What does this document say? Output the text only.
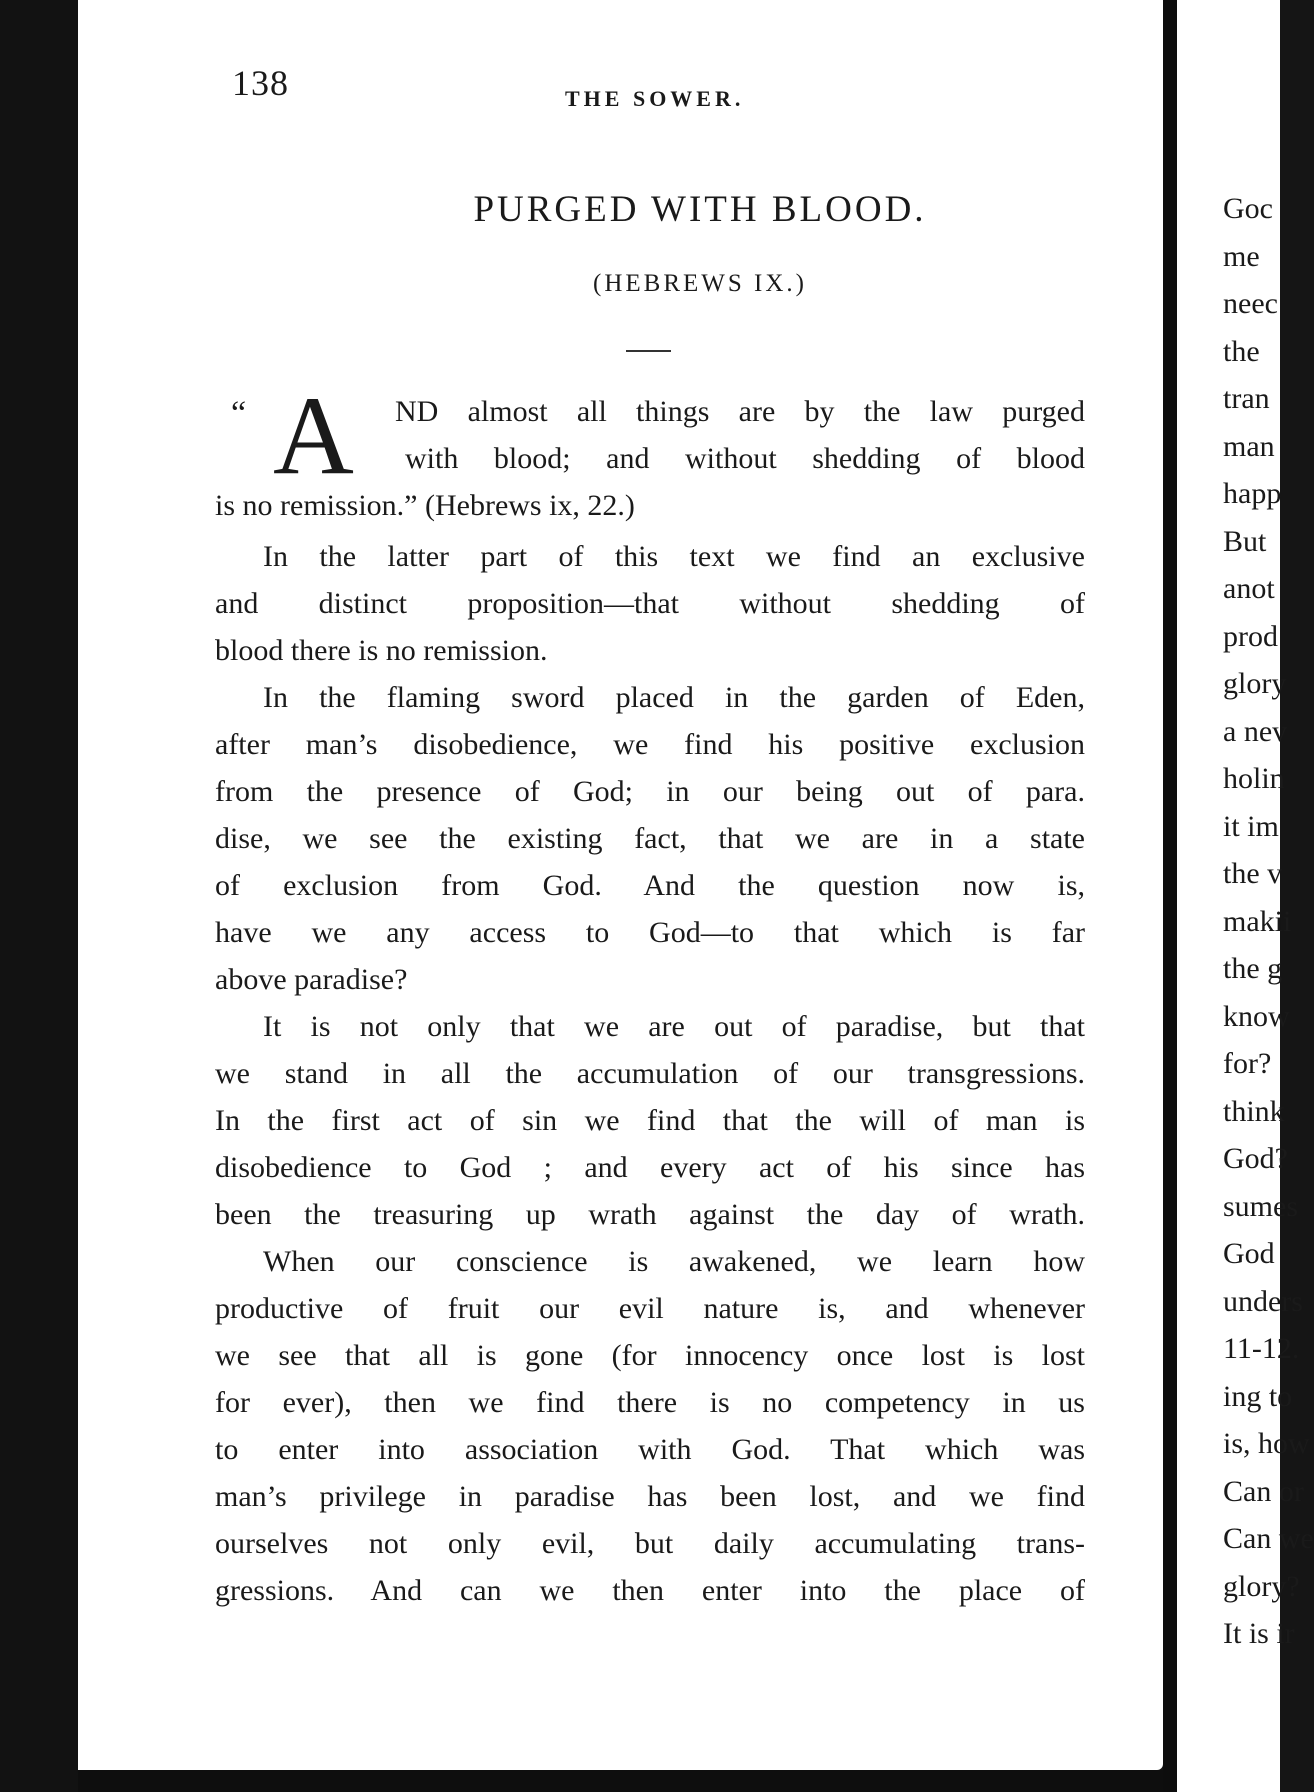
138	THE SOWER.
PURGED WITH BLOOD.
(HEBREWS IX.)
“ A ND almost all things are by the law purged
with blood; and without shedding of blood
is no remission.” (Hebrews ix, 22.)
In the latter part of this text we find an exclusive
and distinct proposition—that without shedding of
blood there is no remission.
In the flaming sword placed in the garden of Eden,
after man’s disobedience, we find his positive exclusion
from the presence of God; in our being out of para.
dise, we see the existing fact, that we are in a state
of exclusion from God. And the question now is,
have we any access to God—to that which is far
above paradise?
It is not only that we are out of paradise, but that
we stand in all the accumulation of our transgressions.
In the first act of sin we find that the will of man is
disobedience to God ; and every act of his since has
been the treasuring up wrath against the day of wrath.
When our conscience is awakened, we learn how
productive of fruit our evil nature is, and whenever
we see that all is gone (for innocency once lost is lost
for ever), then we find there is no competency in us
to enter into association with God. That which was
man’s privilege in paradise has been lost, and we find
ourselves not only evil, but daily accumulating trans-
gressions. And can we then enter into the place of
Goc
me
neec
the
tran
man
happ
But
anot
prod
glory
a nev
holin
it im
the v
makii
the g
know
for?
think
God?
sumes
God
unders
11-12.
ing to
is, how
Can or
Can we
glory?
It is ir
